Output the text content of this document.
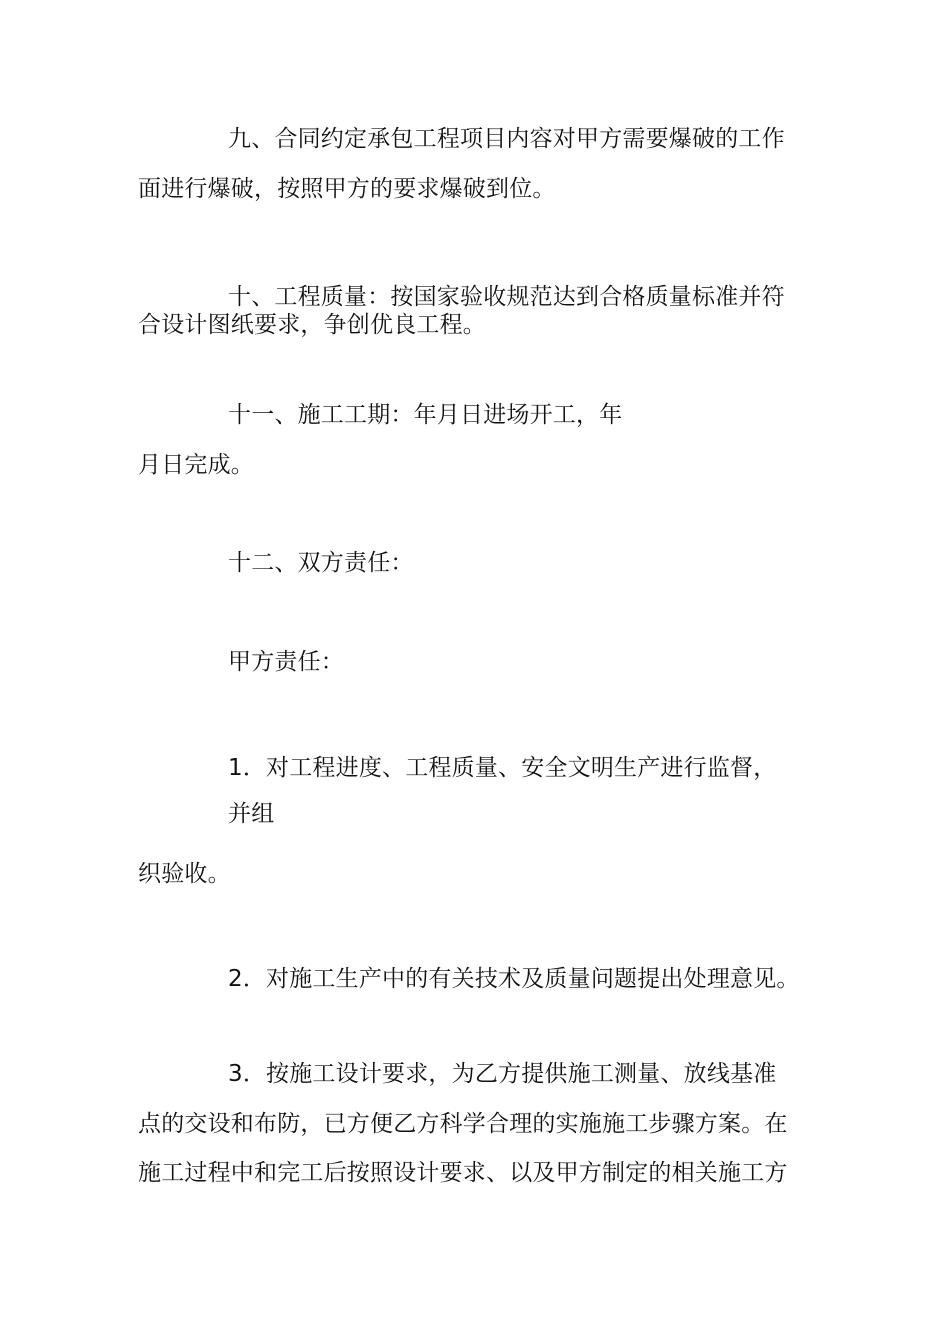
九、合同约定承包工程项目内容对甲方需要爆破的工作
面进行爆破，按照甲方的要求爆破到位。
十、工程质量：按国家验收规范达到合格质量标准并符
合设计图纸要求，争创优良工程。
十一、施工工期：年月日进场开工，年
月日完成。
十二、双方责任：
甲方责任：
1．对工程进度、工程质量、安全文明生产进行监督，
并组
织验收。
2．对施工生产中的有关技术及质量问题提出处理意见。
3．按施工设计要求，为乙方提供施工测量、放线基准
点的交设和布防，已方便乙方科学合理的实施施工步骤方案。在
施工过程中和完工后按照设计要求、以及甲方制定的相关施工方
